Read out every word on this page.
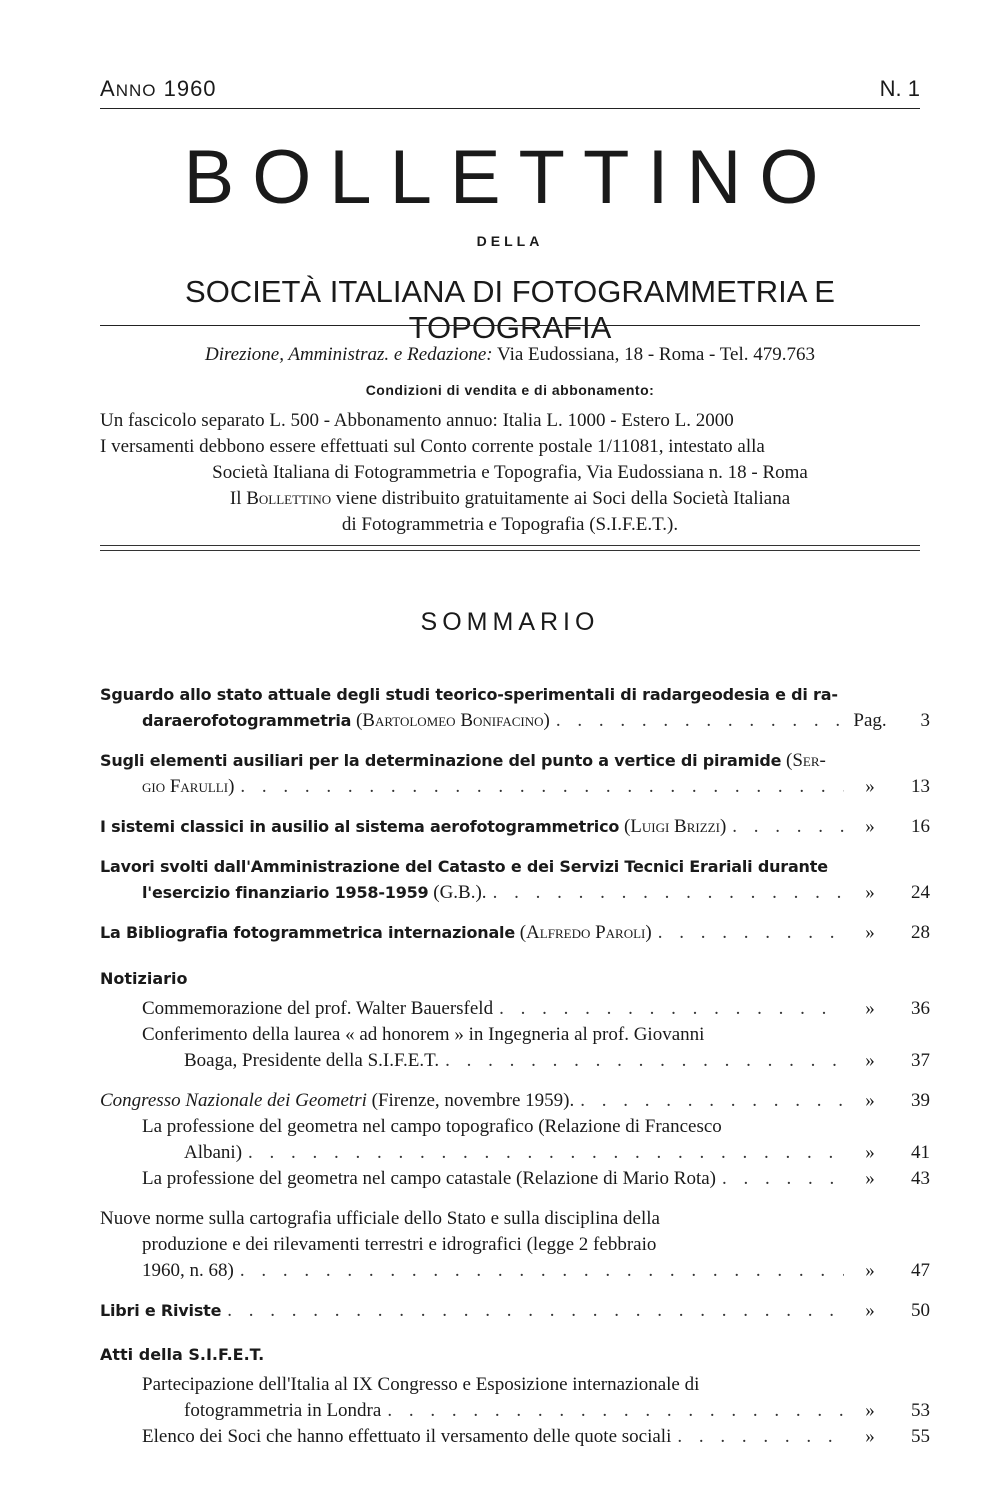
ANNO 1960	N. 1
BOLLETTINO
DELLA
SOCIETÀ ITALIANA DI FOTOGRAMMETRIA E TOPOGRAFIA
Direzione, Amministraz. e Redazione: Via Eudossiana, 18 - Roma - Tel. 479.763
Condizioni di vendita e di abbonamento:
Un fascicolo separato L. 500 - Abbonamento annuo: Italia L. 1000 - Estero L. 2000
I versamenti debbono essere effettuati sul Conto corrente postale 1/11081, intestato alla
Società Italiana di Fotogrammetria e Topografia, Via Eudossiana n. 18 - Roma
Il Bollettino viene distribuito gratuitamente ai Soci della Società Italiana
di Fotogrammetria e Topografia (S.I.F.E.T.).
SOMMARIO
Sguardo allo stato attuale degli studi teorico-sperimentali di radargeodesia e di ra-
daraerofotogrammetria (Bartolomeo Bonifacino) . . .	Pag.	3
Sugli elementi ausiliari per la determinazione del punto a vertice di piramide (Ser-
gio Farulli) . . .	»	13
I sistemi classici in ausilio al sistema aerofotogrammetrico (Luigi Brizzi) . . .	»	16
Lavori svolti dall'Amministrazione del Catasto e dei Servizi Tecnici Erariali durante
l'esercizio finanziario 1958-1959 (G.B.). . . .	»	24
La Bibliografia fotogrammetrica internazionale (Alfredo Paroli) . . .	»	28
Notiziario
Commemorazione del prof. Walter Bauersfeld . . .	»	36
Conferimento della laurea « ad honorem » in Ingegneria al prof. Giovanni
Boaga, Presidente della S.I.F.E.T. . . .	»	37
Congresso Nazionale dei Geometri (Firenze, novembre 1959). . . .	»	39
La professione del geometra nel campo topografico (Relazione di Francesco
Albani) . . .	»	41
La professione del geometra nel campo catastale (Relazione di Mario Rota) . . .	»	43
Nuove norme sulla cartografia ufficiale dello Stato e sulla disciplina della
produzione e dei rilevamenti terrestri e idrografici (legge 2 febbraio
1960, n. 68) . . .	»	47
Libri e Riviste . . .	»	50
Atti della S.I.F.E.T.
Partecipazione dell'Italia al IX Congresso e Esposizione internazionale di
fotogrammetria in Londra . . .	»	53
Elenco dei Soci che hanno effettuato il versamento delle quote sociali . . .	»	55
